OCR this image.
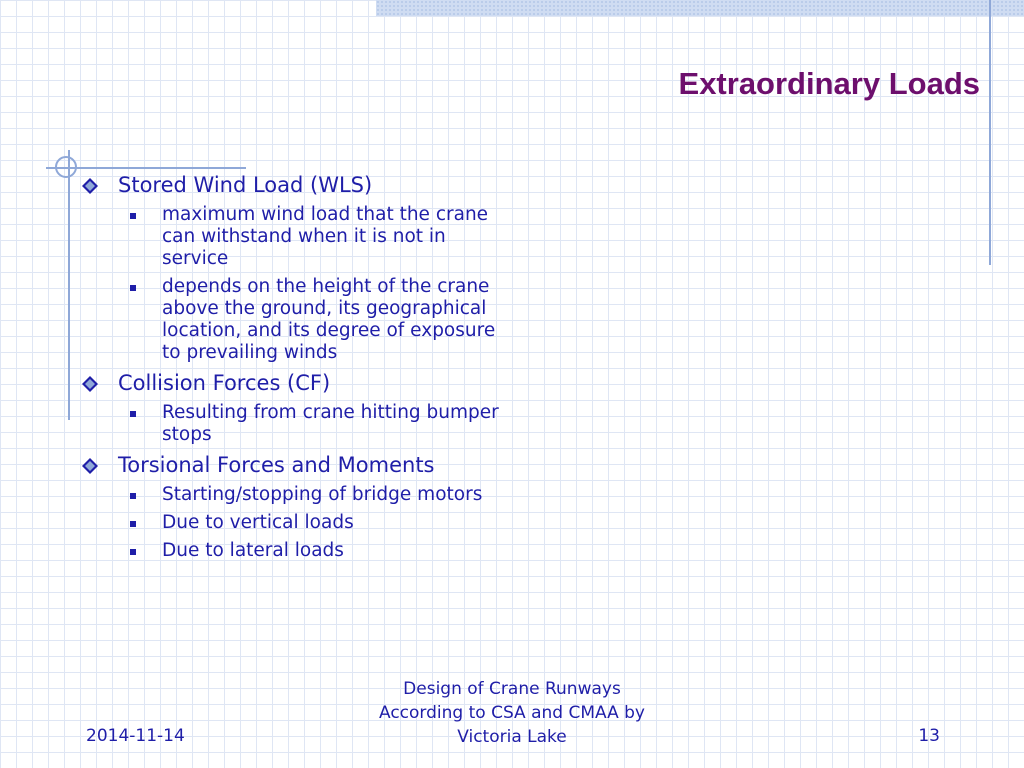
Extraordinary Loads
Stored Wind Load (WLS)
maximum wind load that the crane can withstand when it is not in service
depends on the height of the crane above the ground, its geographical location, and its degree of exposure to prevailing winds
Collision Forces (CF)
Resulting from crane hitting bumper stops
Torsional Forces and Moments
Starting/stopping of bridge motors
Due to vertical loads
Due to lateral loads
2014-11-14
Design of Crane Runways
According to CSA and CMAA by
Victoria Lake	13
